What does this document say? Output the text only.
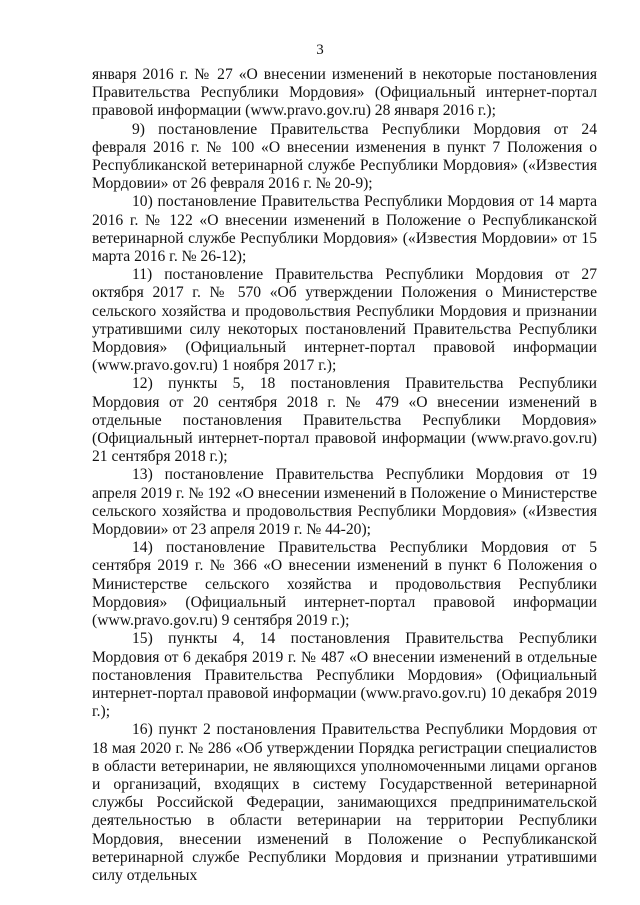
3

января 2016 г. № 27 «О внесении изменений в некоторые постановления Правительства Республики Мордовия» (Официальный интернет-портал правовой информации (www.pravo.gov.ru) 28 января 2016 г.);

9) постановление Правительства Республики Мордовия от 24 февраля 2016 г. № 100 «О внесении изменения в пункт 7 Положения о Республиканской ветеринарной службе Республики Мордовия» («Известия Мордовии» от 26 февраля 2016 г. № 20-9);

10) постановление Правительства Республики Мордовия от 14 марта 2016 г. № 122 «О внесении изменений в Положение о Республиканской ветеринарной службе Республики Мордовия» («Известия Мордовии» от 15 марта 2016 г. № 26-12);

11) постановление Правительства Республики Мордовия от 27 октября 2017 г. № 570 «Об утверждении Положения о Министерстве сельского хозяйства и продовольствия Республики Мордовия и признании утратившими силу некоторых постановлений Правительства Республики Мордовия» (Официальный интернет-портал правовой информации (www.pravo.gov.ru) 1 ноября 2017 г.);

12) пункты 5, 18 постановления Правительства Республики Мордовия от 20 сентября 2018 г. № 479 «О внесении изменений в отдельные постановления Правительства Республики Мордовия» (Официальный интернет-портал правовой информации (www.pravo.gov.ru) 21 сентября 2018 г.);

13) постановление Правительства Республики Мордовия от 19 апреля 2019 г. № 192 «О внесении изменений в Положение о Министерстве сельского хозяйства и продовольствия Республики Мордовия» («Известия Мордовии» от 23 апреля 2019 г. № 44-20);

14) постановление Правительства Республики Мордовия от 5 сентября 2019 г. № 366 «О внесении изменений в пункт 6 Положения о Министерстве сельского хозяйства и продовольствия Республики Мордовия» (Официальный интернет-портал правовой информации (www.pravo.gov.ru) 9 сентября 2019 г.);

15) пункты 4, 14 постановления Правительства Республики Мордовия от 6 декабря 2019 г. № 487 «О внесении изменений в отдельные постановления Правительства Республики Мордовия» (Официальный интернет-портал правовой информации (www.pravo.gov.ru) 10 декабря 2019 г.);

16) пункт 2 постановления Правительства Республики Мордовия от 18 мая 2020 г. № 286 «Об утверждении Порядка регистрации специалистов в области ветеринарии, не являющихся уполномоченными лицами органов и организаций, входящих в систему Государственной ветеринарной службы Российской Федерации, занимающихся предпринимательской деятельностью в области ветеринарии на территории Республики Мордовия, внесении изменений в Положение о Республиканской ветеринарной службе Республики Мордовия и признании утратившими силу отдельных
